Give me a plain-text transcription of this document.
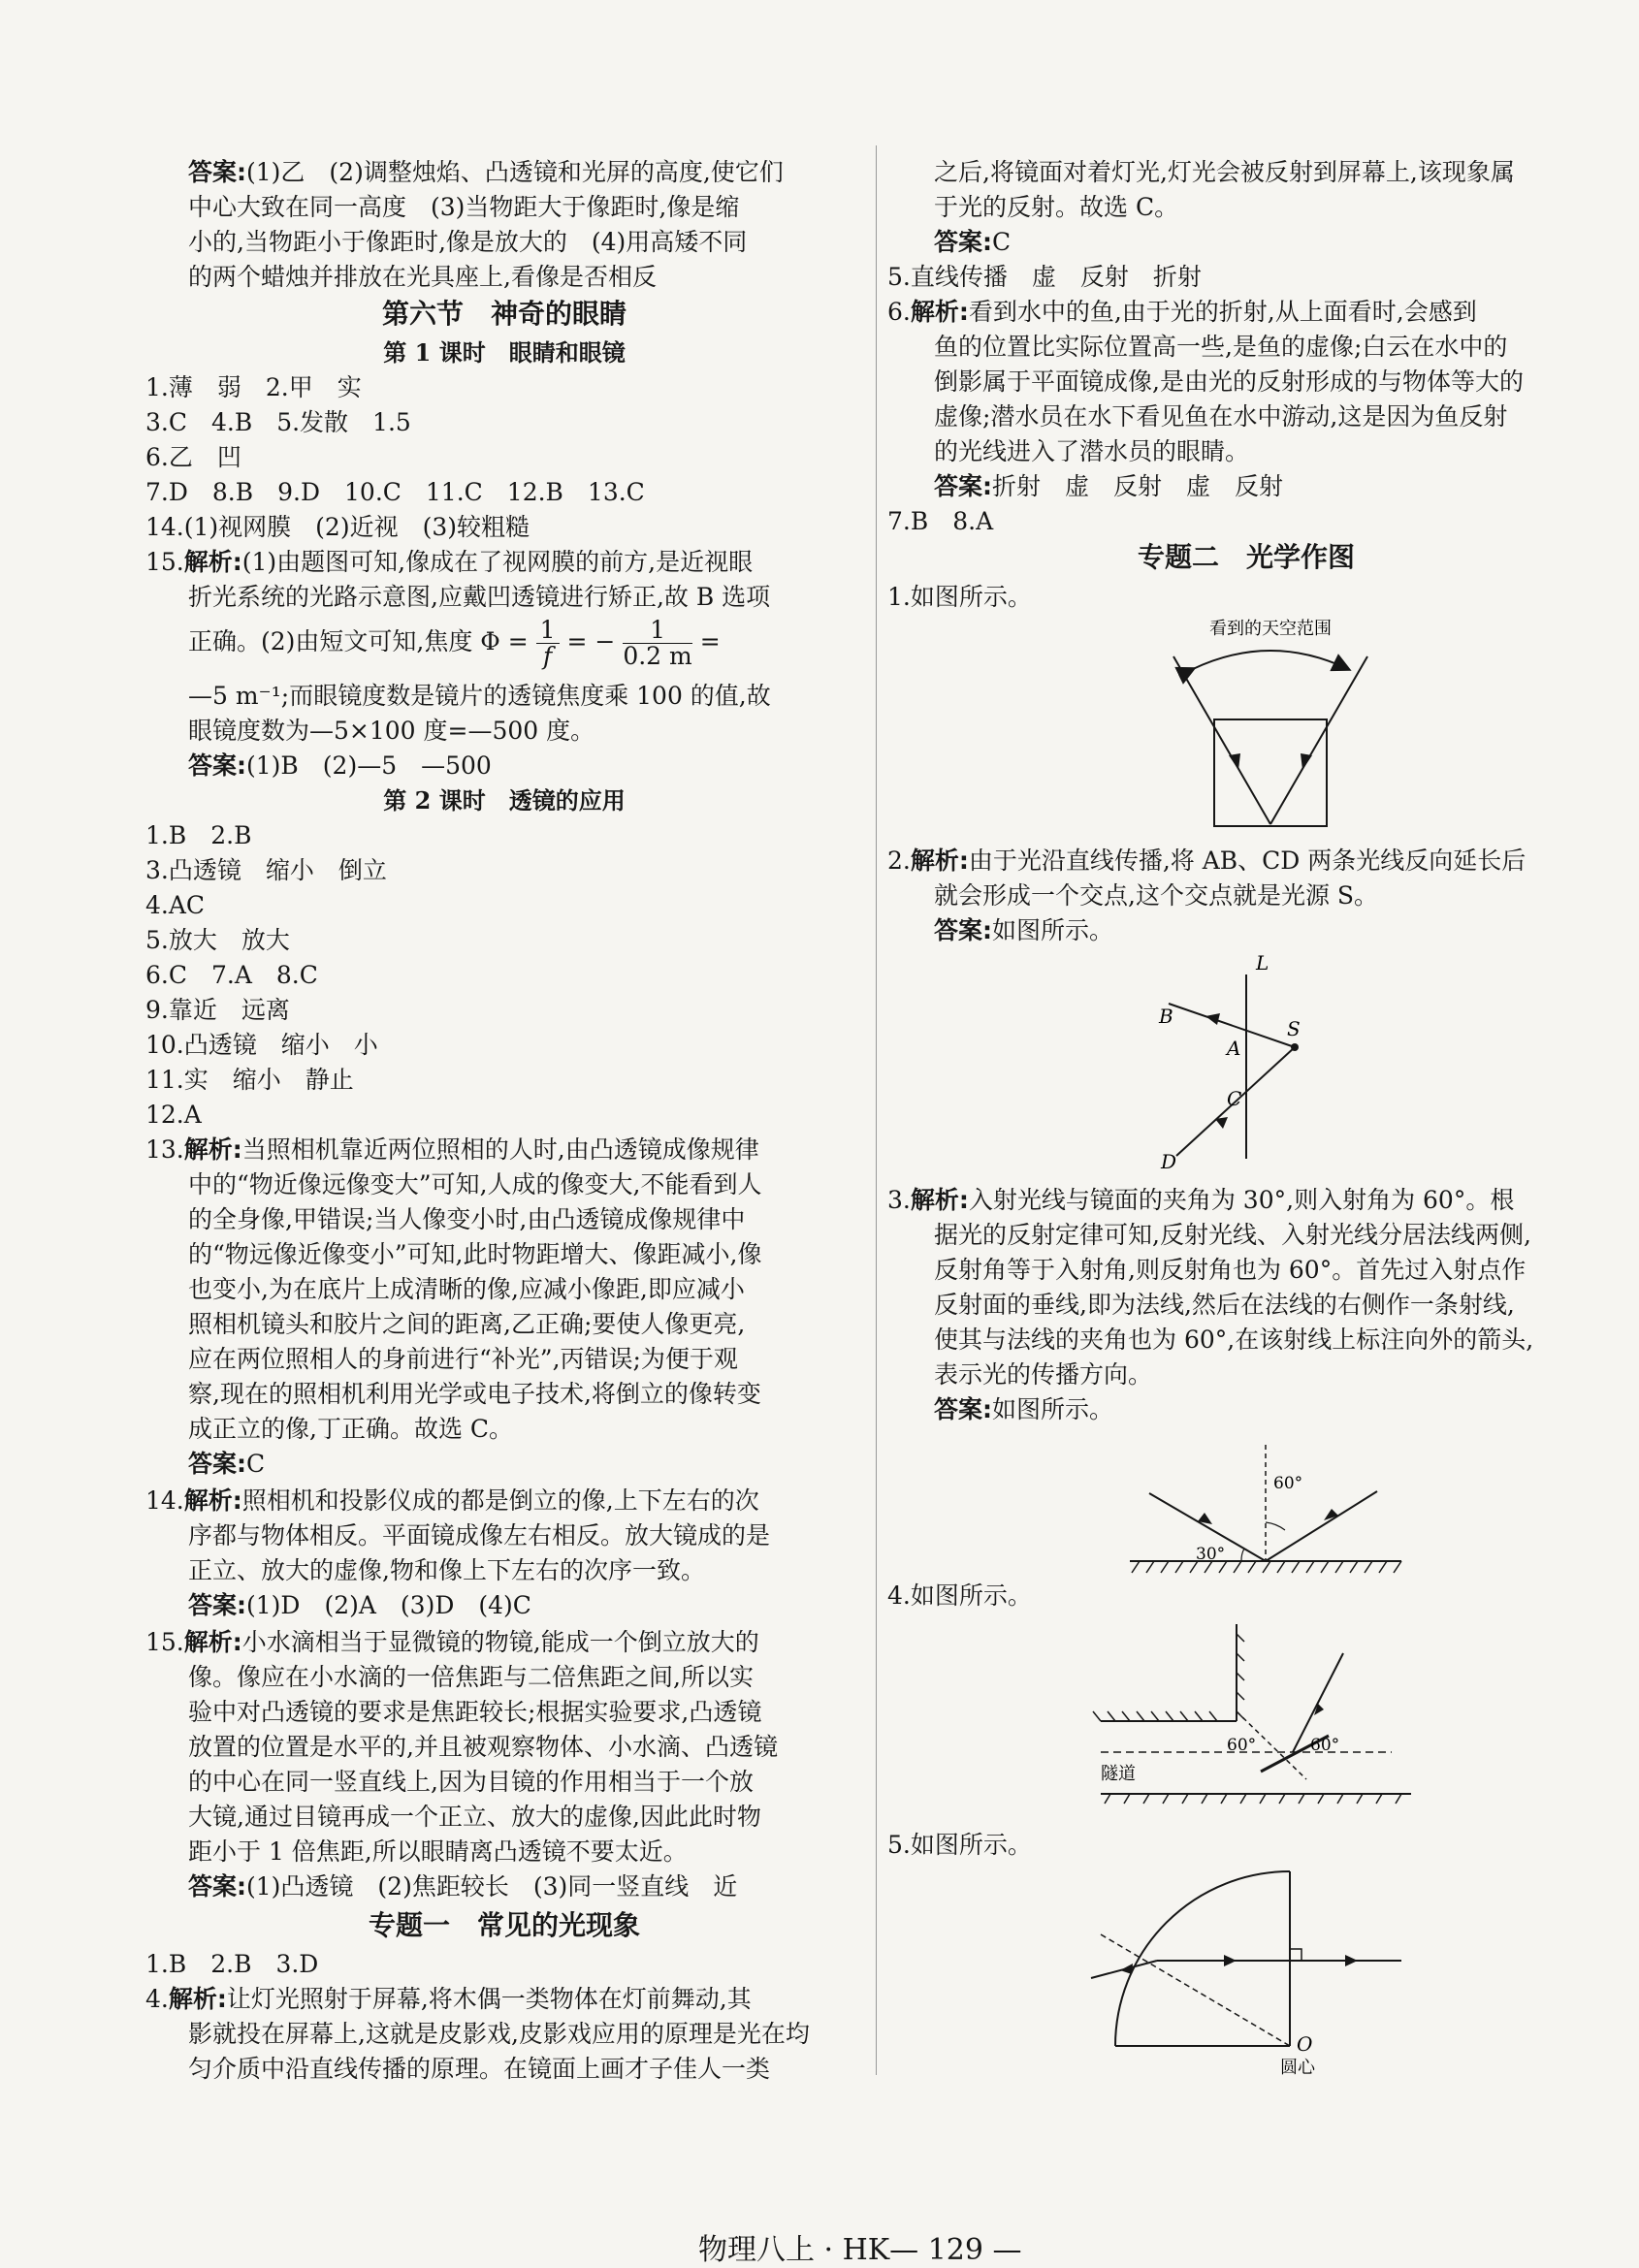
答案:(1)乙　(2)调整烛焰、凸透镜和光屏的高度,使它们
中心大致在同一高度　(3)当物距大于像距时,像是缩
小的,当物距小于像距时,像是放大的　(4)用高矮不同
的两个蜡烛并排放在光具座上,看像是否相反
第六节　神奇的眼睛
第 1 课时　眼睛和眼镜
1.薄　弱　2.甲　实
3.C　4.B　5.发散　1.5
6.乙　凹
7.D　8.B　9.D　10.C　11.C　12.B　13.C
14.(1)视网膜　(2)近视　(3)较粗糙
15.解析:(1)由题图可知,像成在了视网膜的前方,是近视眼
折光系统的光路示意图,应戴凹透镜进行矫正,故 B 选项
正确。(2)由短文可知,焦度 $\Phi = \frac{1}{f}$ = − $\frac{1}{0.2 m}$ =
—5 m⁻¹;而眼镜度数是镜片的透镜焦度乘 100 的值,故
眼镜度数为—5×100 度=—500 度。
答案:(1)B　(2)—5　—500
第 2 课时　透镜的应用
1.B　2.B
3.凸透镜　缩小　倒立
4.AC
5.放大　放大
6.C　7.A　8.C
9.靠近　远离
10.凸透镜　缩小　小
11.实　缩小　静止
12.A
13.解析:当照相机靠近两位照相的人时,由凸透镜成像规律
中的“物近像远像变大”可知,人成的像变大,不能看到人
的全身像,甲错误;当人像变小时,由凸透镜成像规律中
的“物远像近像变小”可知,此时物距增大、像距减小,像
也变小,为在底片上成清晰的像,应减小像距,即应减小
照相机镜头和胶片之间的距离,乙正确;要使人像更亮,
应在两位照相人的身前进行“补光”,丙错误;为便于观
察,现在的照相机利用光学或电子技术,将倒立的像转变
成正立的像,丁正确。故选 C。
答案:C
14.解析:照相机和投影仪成的都是倒立的像,上下左右的次
序都与物体相反。平面镜成像左右相反。放大镜成的是
正立、放大的虚像,物和像上下左右的次序一致。
答案:(1)D　(2)A　(3)D　(4)C
15.解析:小水滴相当于显微镜的物镜,能成一个倒立放大的
像。像应在小水滴的一倍焦距与二倍焦距之间,所以实
验中对凸透镜的要求是焦距较长;根据实验要求,凸透镜
放置的位置是水平的,并且被观察物体、小水滴、凸透镜
的中心在同一竖直线上,因为目镜的作用相当于一个放
大镜,通过目镜再成一个正立、放大的虚像,因此此时物
距小于 1 倍焦距,所以眼睛离凸透镜不要太近。
答案:(1)凸透镜　(2)焦距较长　(3)同一竖直线　近
专题一　常见的光现象
1.B　2.B　3.D
4.解析:让灯光照射于屏幕,将木偶一类物体在灯前舞动,其
影就投在屏幕上,这就是皮影戏,皮影戏应用的原理是光在均
匀介质中沿直线传播的原理。在镜面上画才子佳人一类
之后,将镜面对着灯光,灯光会被反射到屏幕上,该现象属
于光的反射。故选 C。
答案:C
5.直线传播　虚　反射　折射
6.解析:看到水中的鱼,由于光的折射,从上面看时,会感到
鱼的位置比实际位置高一些,是鱼的虚像;白云在水中的
倒影属于平面镜成像,是由光的反射形成的与物体等大的
虚像;潜水员在水下看见鱼在水中游动,这是因为鱼反射
的光线进入了潜水员的眼睛。
答案:折射　虚　反射　虚　反射
7.B　8.A
专题二　光学作图
1.如图所示。
看到的天空范围
2.解析:由于光沿直线传播,将 AB、CD 两条光线反向延长后
就会形成一个交点,这个交点就是光源 S。
答案:如图所示。
L
B
S
A
C
D
3.解析:入射光线与镜面的夹角为 30°,则入射角为 60°。根
据光的反射定律可知,反射光线、入射光线分居法线两侧,
反射角等于入射角,则反射角也为 60°。首先过入射点作
反射面的垂线,即为法线,然后在法线的右侧作一条射线,
使其与法线的夹角也为 60°,在该射线上标注向外的箭头,
表示光的传播方向。
答案:如图所示。
60°
30°
4.如图所示。
60°	60°
隧道
5.如图所示。
O
圆心
物理八上 · HK— 129 —
